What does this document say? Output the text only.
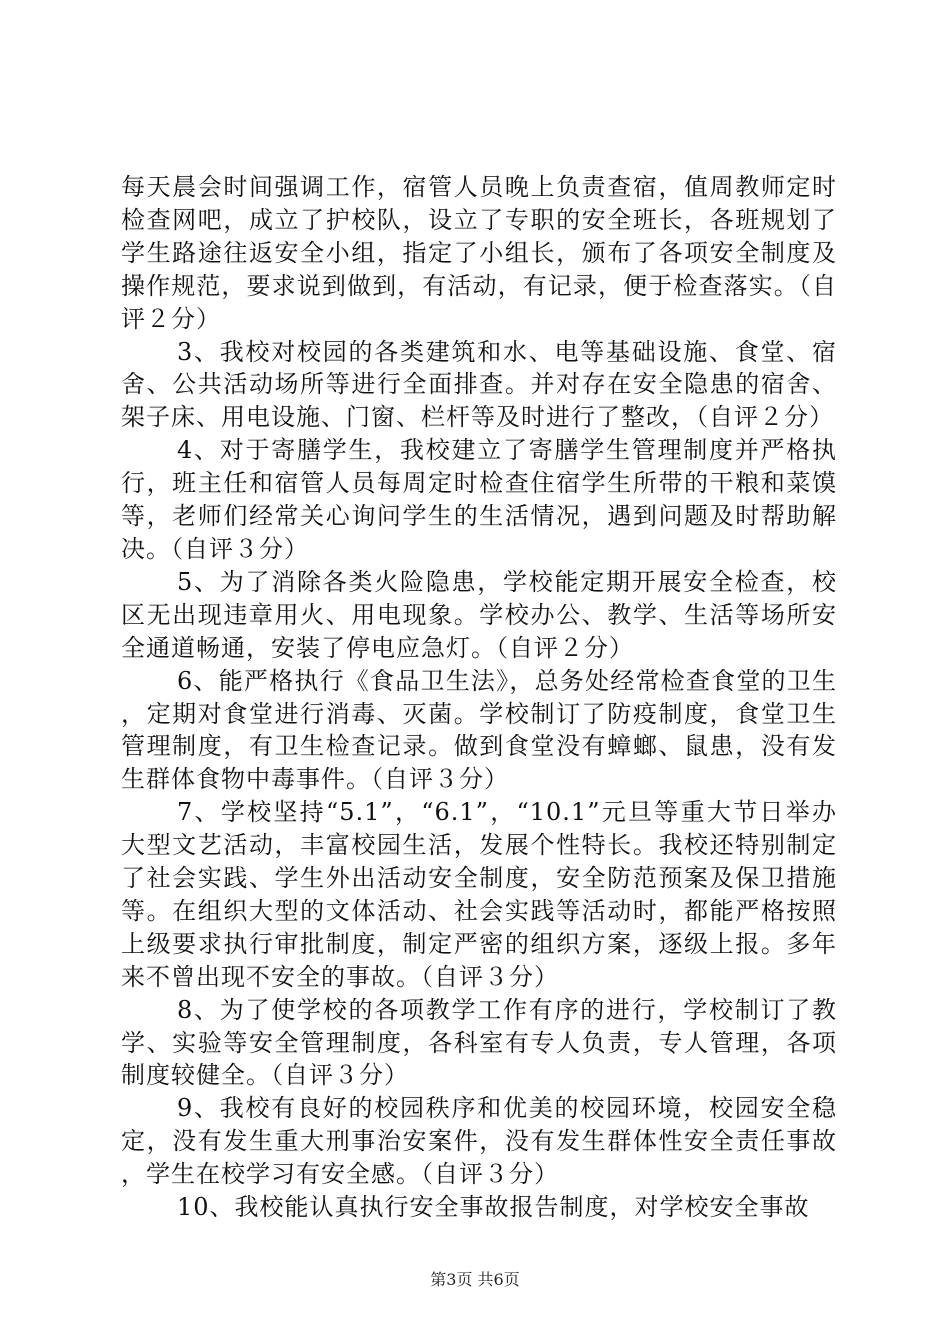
每天晨会时间强调工作，宿管人员晚上负责查宿，值周教师定时检查网吧，成立了护校队，设立了专职的安全班长，各班规划了学生路途往返安全小组，指定了小组长，颁布了各项安全制度及操作规范，要求说到做到，有活动，有记录，便于检查落实。（自评２分）

3、我校对校园的各类建筑和水、电等基础设施、食堂、宿舍、公共活动场所等进行全面排查。并对存在安全隐患的宿舍、架子床、用电设施、门窗、栏杆等及时进行了整改，（自评２分）

4、对于寄膳学生，我校建立了寄膳学生管理制度并严格执行，班主任和宿管人员每周定时检查住宿学生所带的干粮和菜馍等，老师们经常关心询问学生的生活情况，遇到问题及时帮助解决。（自评３分）

5、为了消除各类火险隐患，学校能定期开展安全检查，校区无出现违章用火、用电现象。学校办公、教学、生活等场所安全通道畅通，安装了停电应急灯。（自评２分）

6、能严格执行《食品卫生法》，总务处经常检查食堂的卫生，定期对食堂进行消毒、灭菌。学校制订了防疫制度，食堂卫生管理制度，有卫生检查记录。做到食堂没有蟑螂、鼠患，没有发生群体食物中毒事件。（自评３分）

7、学校坚持“5.1”，“6.1”，“10.1”元旦等重大节日举办大型文艺活动，丰富校园生活，发展个性特长。我校还特别制定了社会实践、学生外出活动安全制度，安全防范预案及保卫措施等。在组织大型的文体活动、社会实践等活动时，都能严格按照上级要求执行审批制度，制定严密的组织方案，逐级上报。多年来不曾出现不安全的事故。（自评３分）

8、为了使学校的各项教学工作有序的进行，学校制订了教学、实验等安全管理制度，各科室有专人负责，专人管理，各项制度较健全。（自评３分）

9、我校有良好的校园秩序和优美的校园环境，校园安全稳定，没有发生重大刑事治安案件，没有发生群体性安全责任事故，学生在校学习有安全感。（自评３分）

10、我校能认真执行安全事故报告制度，对学校安全事故

第3页 共6页
